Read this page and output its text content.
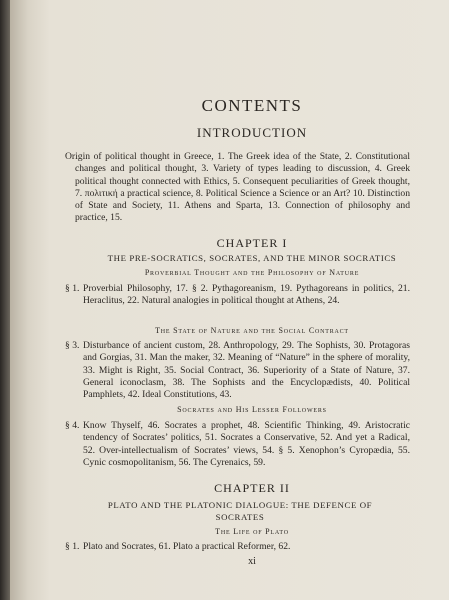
CONTENTS
INTRODUCTION
Origin of political thought in Greece, 1. The Greek idea of the State, 2. Constitutional changes and political thought, 3. Variety of types leading to discussion, 4. Greek political thought connected with Ethics, 5. Consequent peculiarities of Greek thought, 7. πολιτική a practical science, 8. Political Science a Science or an Art? 10. Distinction of State and Society, 11. Athens and Sparta, 13. Connection of philosophy and practice, 15.
CHAPTER I
THE PRE-SOCRATICS, SOCRATES, AND THE MINOR SOCRATICS
Proverbial Thought and the Philosophy of Nature
§ 1. Proverbial Philosophy, 17. § 2. Pythagoreanism, 19. Pythagoreans in politics, 21. Heraclitus, 22. Natural analogies in political thought at Athens, 24.
The State of Nature and the Social Contract
§ 3. Disturbance of ancient custom, 28. Anthropology, 29. The Sophists, 30. Protagoras and Gorgias, 31. Man the maker, 32. Meaning of “Nature” in the sphere of morality, 33. Might is Right, 35. Social Contract, 36. Superiority of a State of Nature, 37. General iconoclasm, 38. The Sophists and the Encyclopædists, 40. Political Pamphlets, 42. Ideal Constitutions, 43.
Socrates and His Lesser Followers
§ 4. Know Thyself, 46. Socrates a prophet, 48. Scientific Thinking, 49. Aristocratic tendency of Socrates’ politics, 51. Socrates a Conservative, 52. And yet a Radical, 52. Over-intellectualism of Socrates’ views, 54. § 5. Xenophon’s Cyropædia, 55. Cynic cosmopolitanism, 56. The Cyrenaics, 59.
CHAPTER II
PLATO AND THE PLATONIC DIALOGUE: THE DEFENCE OF SOCRATES
The Life of Plato
§ 1. Plato and Socrates, 61. Plato a practical Reformer, 62.
xi
